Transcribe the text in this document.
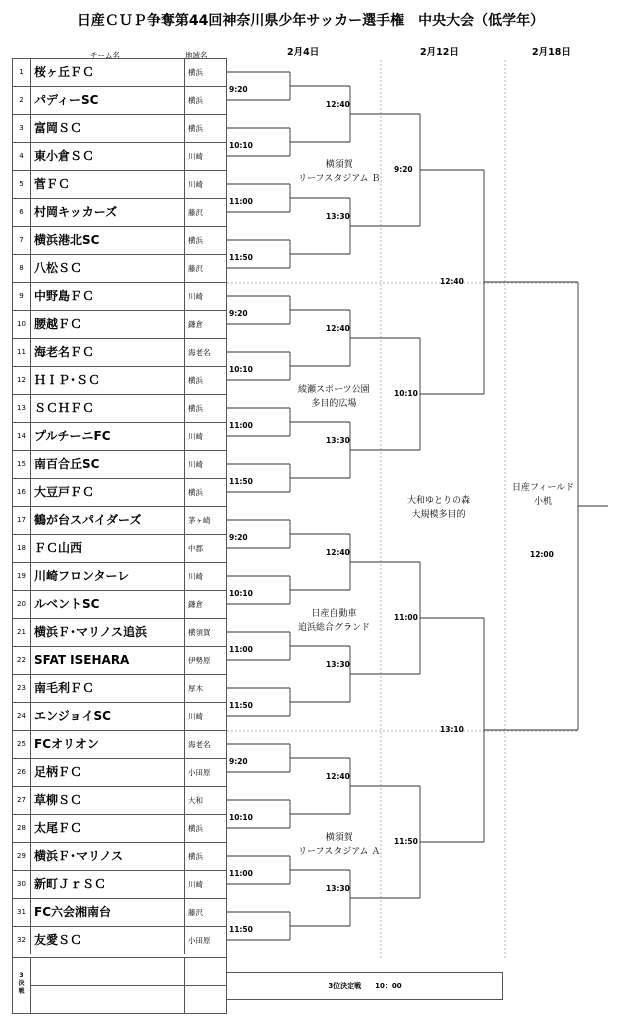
日産ＣＵＰ争奪第44回神奈川県少年サッカー選手権　中央大会（低学年）
チーム名	地域名	2月4日	2月12日	2月18日
1 桜ヶ丘ＦＣ	横浜
2 パディーSC	横浜
3 富岡ＳＣ	横浜
4 東小倉ＳＣ	川崎
5 菅ＦＣ	川崎
6 村岡キッカーズ	藤沢
7 横浜港北SC	横浜
8 八松ＳＣ	藤沢
9 中野島ＦＣ	川崎
10 腰越ＦＣ	鎌倉
11 海老名ＦＣ	海老名
12 ＨＩＰ･ＳＣ	横浜
13 ＳＣＨＦＣ	横浜
14 プルチーニFC	川崎
15 南百合丘SC	川崎
16 大豆戸ＦＣ	横浜
17 鶴が台スパイダーズ	茅ヶ崎
18 ＦＣ山西	中郡
19 川崎フロンターレ	川崎
20 ルベントSC	鎌倉
21 横浜Ｆ･マリノス追浜	横須賀
22 SFAT ISEHARA	伊勢原
23 南毛利ＦＣ	厚木
24 エンジョイSC	川崎
25 FCオリオン	海老名
26 足柄ＦＣ	小田原
27 草柳ＳＣ	大和
28 太尾ＦＣ	横浜
29 横浜Ｆ･マリノス	横浜
30 新町ＪｒＳＣ	川崎
31 FC六会湘南台	藤沢
32 友愛ＳＣ	小田原
3
決
戦
3位決定戦　　10：00
9:20
10:10
11:00
11:50
9:20
10:10
11:00
11:50
9:20
10:10
11:00
11:50
9:20
10:10
11:00
11:50
12:40
13:30
12:40
13:30
12:40
13:30
12:40
13:30
9:20
10:10
11:00
11:50
12:40
13:10
12:00
横須賀
リーフスタジアム Ｂ
綾瀬スポーツ公園
多目的広場
日産自動車
追浜総合グランド
横須賀
リーフスタジアム Ａ
大和ゆとりの森
大規模多目的
日産フィールド
小机
